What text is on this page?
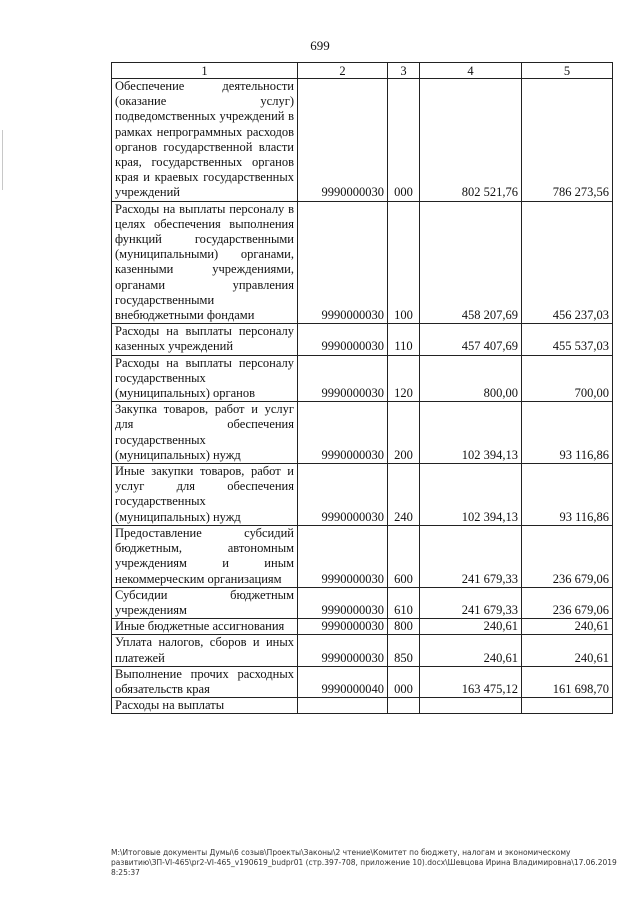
699
1	2	3	4	5
Обеспечение деятельности (оказание услуг) подведомственных учреждений в рамках непрограммных расходов органов государственной власти края, государственных органов края и краевых государственных учреждений	9990000030	000	802 521,76	786 273,56
Расходы на выплаты персоналу в целях обеспечения выполнения функций государственными (муниципальными) органами, казенными учреждениями, органами управления государственными внебюджетными фондами	9990000030	100	458 207,69	456 237,03
Расходы на выплаты персоналу казенных учреждений	9990000030	110	457 407,69	455 537,03
Расходы на выплаты персоналу государственных (муниципальных) органов	9990000030	120	800,00	700,00
Закупка товаров, работ и услуг для обеспечения государственных (муниципальных) нужд	9990000030	200	102 394,13	93 116,86
Иные закупки товаров, работ и услуг для обеспечения государственных (муниципальных) нужд	9990000030	240	102 394,13	93 116,86
Предоставление субсидий бюджетным, автономным учреждениям и иным некоммерческим организациям	9990000030	600	241 679,33	236 679,06
Субсидии бюджетным учреждениям	9990000030	610	241 679,33	236 679,06
Иные бюджетные ассигнования	9990000030	800	240,61	240,61
Уплата налогов, сборов и иных платежей	9990000030	850	240,61	240,61
Выполнение прочих расходных обязательств края	9990000040	000	163 475,12	161 698,70
Расходы на выплаты				
М:\Итоговые документы Думы\6 созыв\Проекты\Законы\2 чтение\Комитет по бюджету, налогам и экономическому развитию\ЗП-VI-465\pr2-VI-465_v190619_budpr01 (стр.397-708, приложение 10).docx\Шевцова Ирина Владимировна\17.06.2019 8:25:37
